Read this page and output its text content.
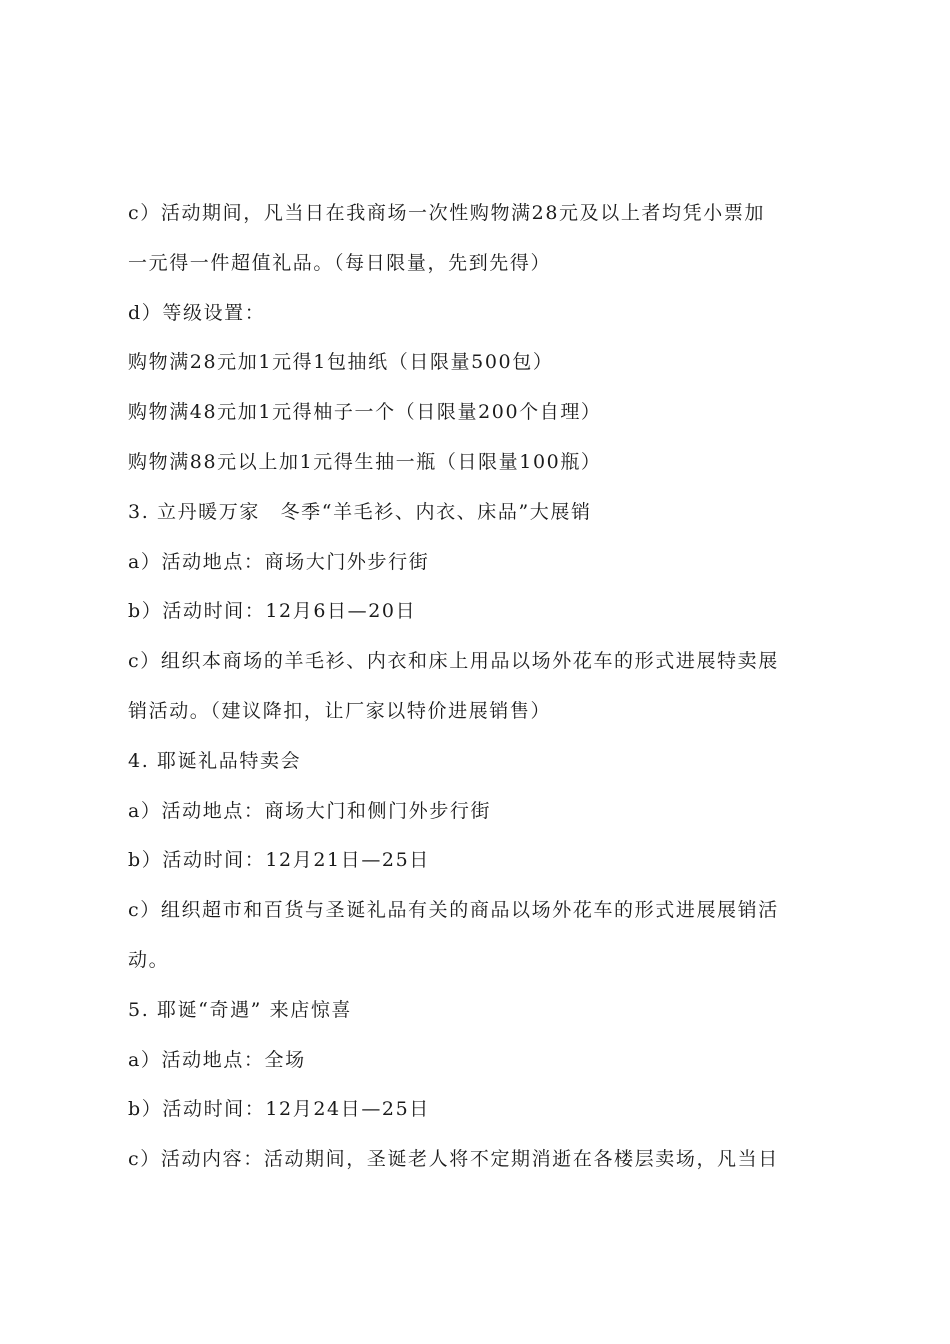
c）活动期间，凡当日在我商场一次性购物满28元及以上者均凭小票加
一元得一件超值礼品。（每日限量，先到先得）
d）等级设置：
购物满28元加1元得1包抽纸（日限量500包）
购物满48元加1元得柚子一个（日限量200个自理）
购物满88元以上加1元得生抽一瓶（日限量100瓶）
3. 立丹暖万家　冬季“羊毛衫、内衣、床品”大展销
a）活动地点：商场大门外步行街
b）活动时间：12月6日—20日
c）组织本商场的羊毛衫、内衣和床上用品以场外花车的形式进展特卖展
销活动。（建议降扣，让厂家以特价进展销售）
4. 耶诞礼品特卖会
a）活动地点：商场大门和侧门外步行街
b）活动时间：12月21日—25日
c）组织超市和百货与圣诞礼品有关的商品以场外花车的形式进展展销活
动。
5. 耶诞“奇遇” 来店惊喜
a）活动地点：全场
b）活动时间：12月24日—25日
c）活动内容：活动期间，圣诞老人将不定期消逝在各楼层卖场，凡当日
